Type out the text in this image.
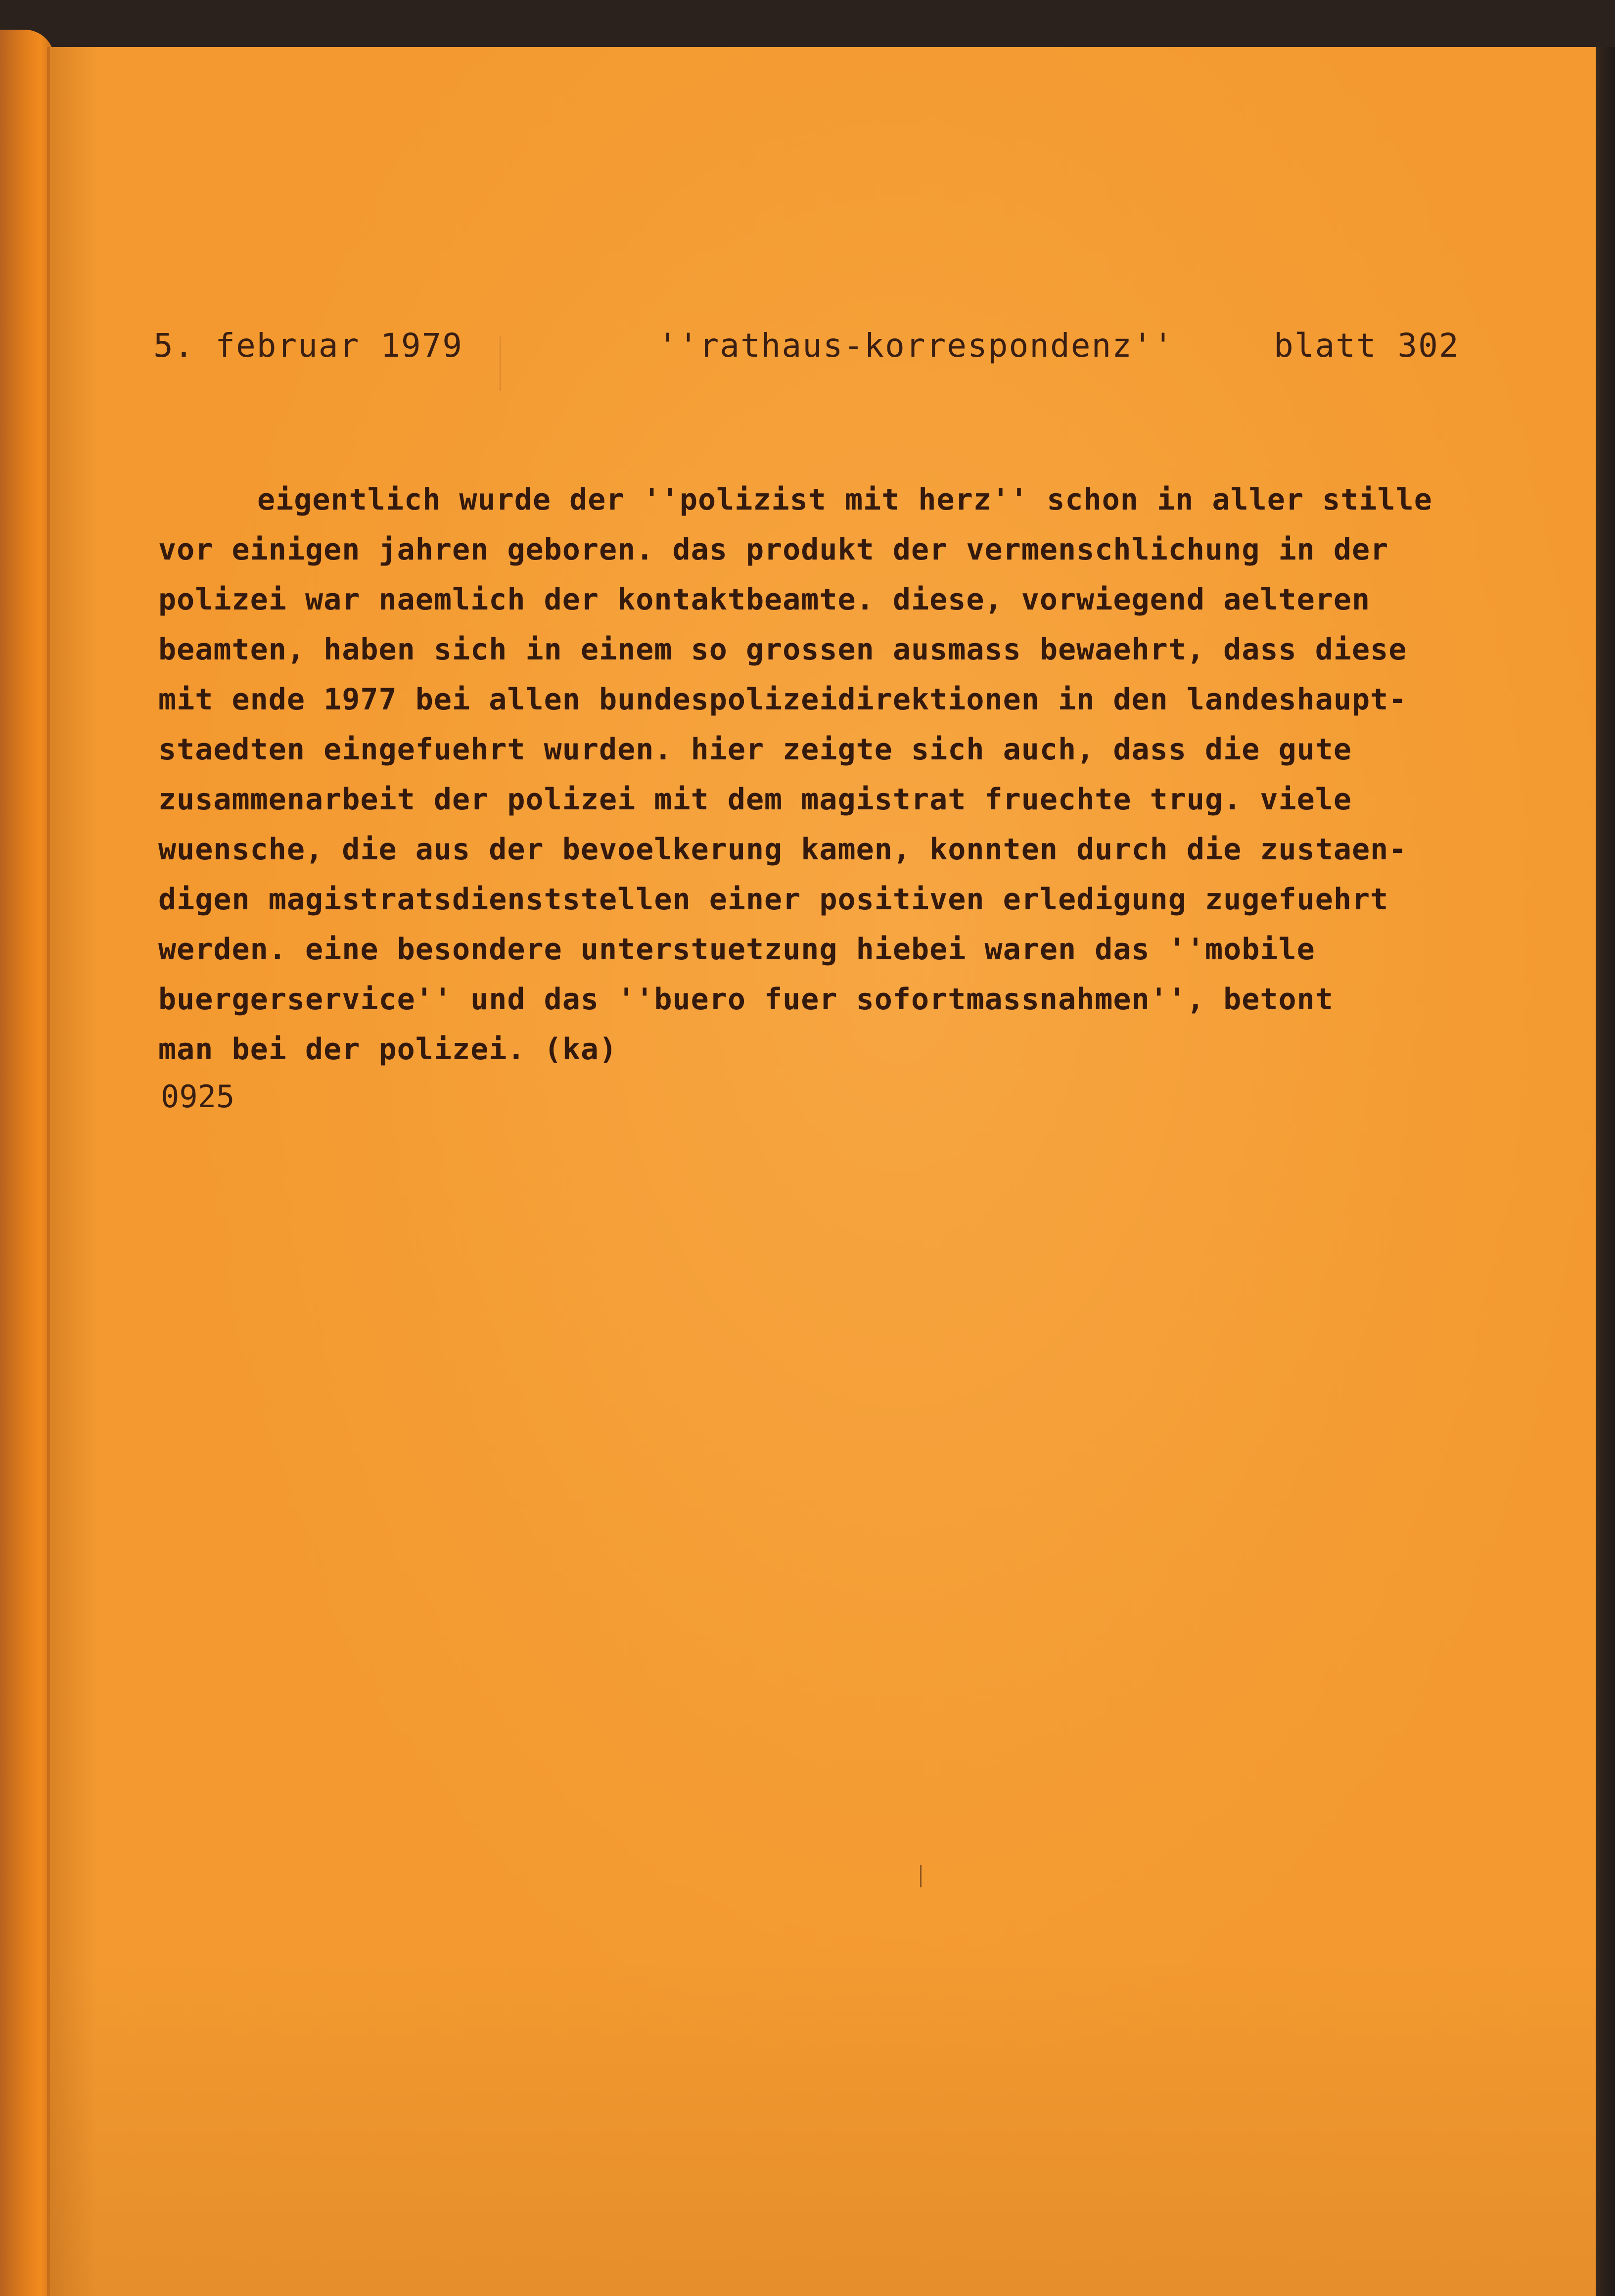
5. februar 1979	''rathaus-korrespondenz''	blatt 302
eigentlich wurde der ''polizist mit herz'' schon in aller stille
vor einigen jahren geboren. das produkt der vermenschlichung in der
polizei war naemlich der kontaktbeamte. diese, vorwiegend aelteren
beamten, haben sich in einem so grossen ausmass bewaehrt, dass diese
mit ende 1977 bei allen bundespolizeidirektionen in den landeshaupt-
staedten eingefuehrt wurden. hier zeigte sich auch, dass die gute
zusammenarbeit der polizei mit dem magistrat fruechte trug. viele
wuensche, die aus der bevoelkerung kamen, konnten durch die zustaen-
digen magistratsdienststellen einer positiven erledigung zugefuehrt
werden. eine besondere unterstuetzung hiebei waren das ''mobile
buergerservice'' und das ''buero fuer sofortmassnahmen'', betont
man bei der polizei. (ka)
0925
